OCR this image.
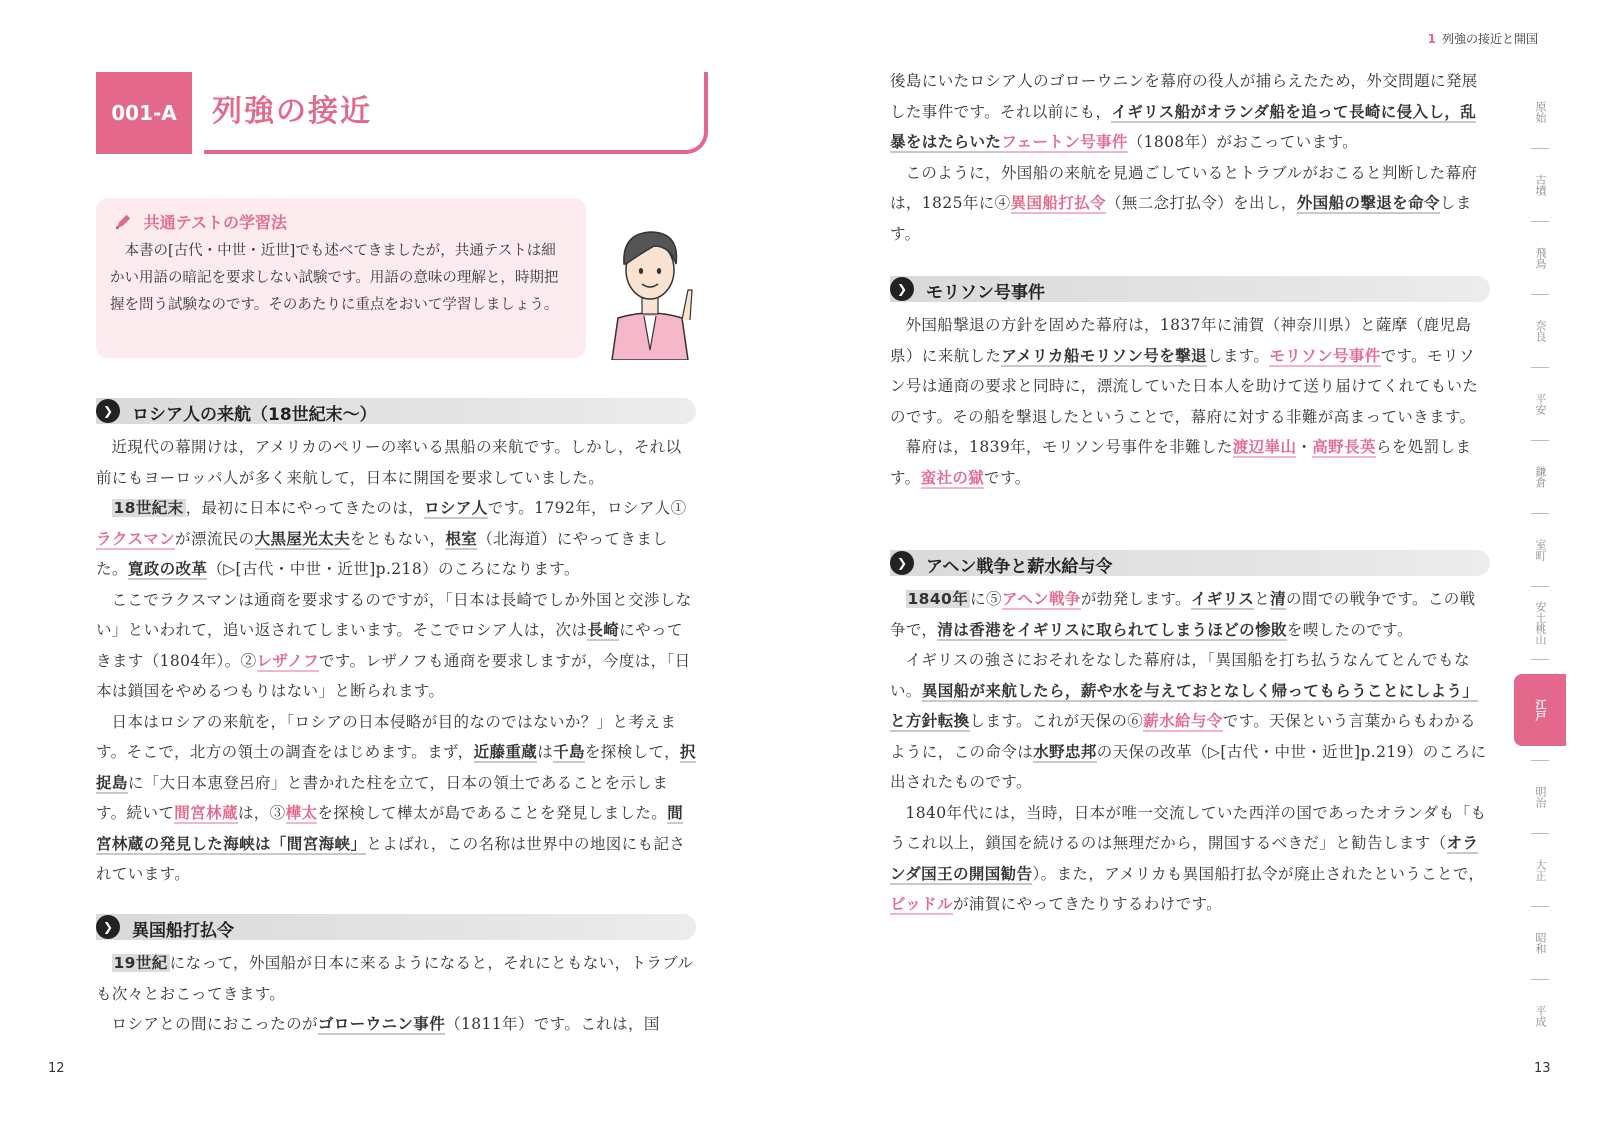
001-A	列強の接近
共通テストの学習法

本書の[古代・中世・近世]でも述べてきましたが，共通テストは細かい用語の暗記を要求しない試験です。用語の意味の理解と，時期把握を問う試験なのです。そのあたりに重点をおいて学習しましょう。

❯	ロシア人の来航（18世紀末〜）

近現代の幕開けは，アメリカのペリーの率いる黒船の来航です。しかし，それ以前にもヨーロッパ人が多く来航して，日本に開国を要求していました。

18世紀末 ，最初に日本にやってきたのは，ロシア人です。1792年，ロシア人①ラクスマンが漂流民の大黒屋光太夫をともない，根室（北海道）にやってきました。寛政の改革（▷[古代・中世・近世]p.218）のころになります。

ここでラクスマンは通商を要求するのですが，「日本は長崎でしか外国と交渉しない」といわれて，追い返されてしまいます。そこでロシア人は，次は長崎にやってきます（1804年）。②レザノフです。レザノフも通商を要求しますが，今度は，「日本は鎖国をやめるつもりはない」と断られます。

日本はロシアの来航を，「ロシアの日本侵略が目的なのではないか？」と考えます。そこで，北方の領土の調査をはじめます。まず，近藤重蔵は千島を探検して，択捉島に「大日本恵登呂府」と書かれた柱を立て，日本の領土であることを示します。続いて間宮林蔵は，③樺太を探検して樺太が島であることを発見しました。間宮林蔵の発見した海峡は「間宮海峡」とよばれ，この名称は世界中の地図にも記されています。

❯	異国船打払令

19世紀 になって，外国船が日本に来るようになると，それにともない，トラブルも次々とおこってきます。

ロシアとの間におこったのがゴローウニン事件（1811年）です。これは，国

12
1 列強の接近と開国

後島にいたロシア人のゴローウニンを幕府の役人が捕らえたため，外交問題に発展した事件です。それ以前にも，イギリス船がオランダ船を追って長崎に侵入し，乱暴をはたらいたフェートン号事件（1808年）がおこっています。

このように，外国船の来航を見過ごしているとトラブルがおこると判断した幕府は，1825年に④異国船打払令（無二念打払令）を出し，外国船の撃退を命令します。

❯	モリソン号事件

外国船撃退の方針を固めた幕府は，1837年に浦賀（神奈川県）と薩摩（鹿児島県）に来航したアメリカ船モリソン号を撃退します。モリソン号事件です。モリソン号は通商の要求と同時に，漂流していた日本人を助けて送り届けてくれてもいたのです。その船を撃退したということで，幕府に対する非難が高まっていきます。

幕府は，1839年，モリソン号事件を非難した渡辺崋山・高野長英らを処罰します。蛮社の獄です。

❯	アヘン戦争と薪水給与令

1840年 に⑤アヘン戦争が勃発します。イギリスと清の間での戦争です。この戦争で，清は香港をイギリスに取られてしまうほどの惨敗を喫したのです。

イギリスの強さにおそれをなした幕府は，「異国船を打ち払うなんてとんでもない。異国船が来航したら，薪や水を与えておとなしく帰ってもらうことにしよう」と方針転換します。これが天保の⑥薪水給与令です。天保という言葉からもわかるように，この命令は水野忠邦の天保の改革（▷[古代・中世・近世]p.219）のころに出されたものです。

1840年代には，当時，日本が唯一交流していた西洋の国であったオランダも「もうこれ以上，鎖国を続けるのは無理だから，開国するべきだ」と勧告します（オランダ国王の開国勧告）。また，アメリカも異国船打払令が廃止されたということで，ビッドルが浦賀にやってきたりするわけです。

原始
古墳
飛鳥
奈良
平安
鎌倉
室町
安土桃山
江戸
明治
大正
昭和
平成
13
